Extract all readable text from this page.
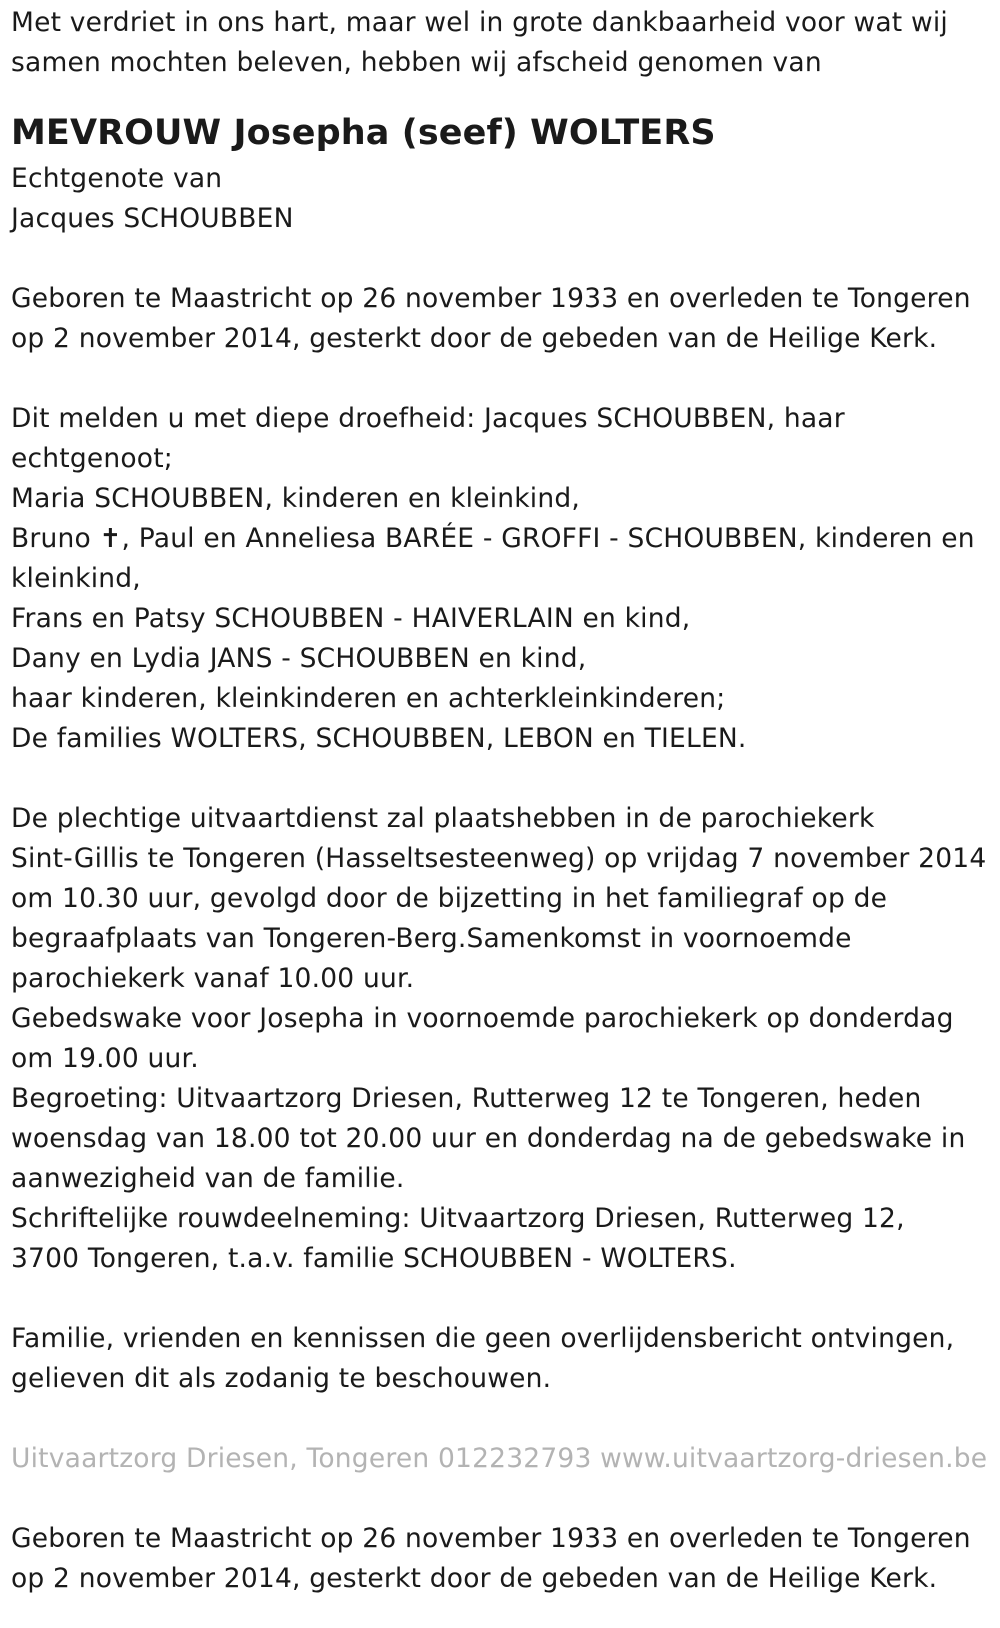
Met verdriet in ons hart, maar wel in grote dankbaarheid voor wat wij
samen mochten beleven, hebben wij afscheid genomen van
MEVROUW Josepha (seef) WOLTERS
Echtgenote van
Jacques SCHOUBBEN
Geboren te Maastricht op 26 november 1933 en overleden te Tongeren
op 2 november 2014, gesterkt door de gebeden van de Heilige Kerk.
Dit melden u met diepe droefheid: Jacques SCHOUBBEN, haar
echtgenoot;
Maria SCHOUBBEN, kinderen en kleinkind,
Bruno ✝, Paul en Anneliesa BARÉE - GROFFI - SCHOUBBEN, kinderen en
kleinkind,
Frans en Patsy SCHOUBBEN - HAIVERLAIN en kind,
Dany en Lydia JANS - SCHOUBBEN en kind,
haar kinderen, kleinkinderen en achterkleinkinderen;
De families WOLTERS, SCHOUBBEN, LEBON en TIELEN.
De plechtige uitvaartdienst zal plaatshebben in de parochiekerk
Sint-Gillis te Tongeren (Hasseltsesteenweg) op vrijdag 7 november 2014
om 10.30 uur, gevolgd door de bijzetting in het familiegraf op de
begraafplaats van Tongeren-Berg.Samenkomst in voornoemde
parochiekerk vanaf 10.00 uur.
Gebedswake voor Josepha in voornoemde parochiekerk op donderdag
om 19.00 uur.
Begroeting: Uitvaartzorg Driesen, Rutterweg 12 te Tongeren, heden
woensdag van 18.00 tot 20.00 uur en donderdag na de gebedswake in
aanwezigheid van de familie.
Schriftelijke rouwdeelneming: Uitvaartzorg Driesen, Rutterweg 12,
3700 Tongeren, t.a.v. familie SCHOUBBEN - WOLTERS.
Familie, vrienden en kennissen die geen overlijdensbericht ontvingen,
gelieven dit als zodanig te beschouwen.
Uitvaartzorg Driesen, Tongeren 012232793 www.uitvaartzorg-driesen.be
Geboren te Maastricht op 26 november 1933 en overleden te Tongeren
op 2 november 2014, gesterkt door de gebeden van de Heilige Kerk.
